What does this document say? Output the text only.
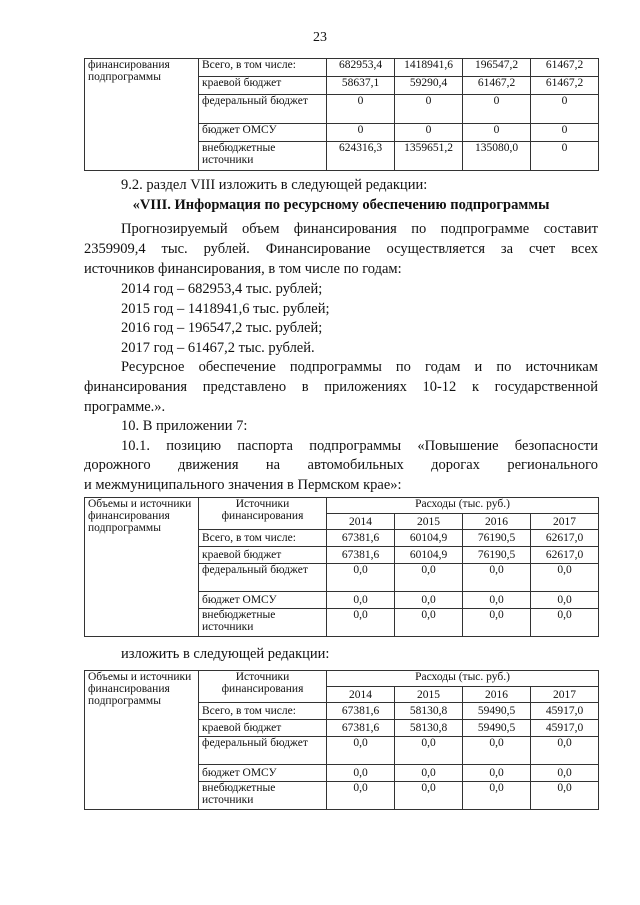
23
финансирования подпрограммы	Всего, в том числе:	682953,4	1418941,6	196547,2	61467,2
	краевой бюджет	58637,1	59290,4	61467,2	61467,2
	федеральный бюджет	0	0	0	0
	бюджет ОМСУ	0	0	0	0
	внебюджетные источники	624316,3	1359651,2	135080,0	0

9.2. раздел VIII изложить в следующей редакции:

«VIII. Информация по ресурсному обеспечению подпрограммы

Прогнозируемый объем финансирования по подпрограмме составит

2359909,4 тыс. рублей. Финансирование осуществляется за счет всех

источников финансирования, в том числе по годам:

2014 год – 682953,4 тыс. рублей;

2015 год – 1418941,6 тыс. рублей;

2016 год – 196547,2 тыс. рублей;

2017 год – 61467,2 тыс. рублей.

Ресурсное обеспечение подпрограммы по годам и по источникам

финансирования представлено в приложениях 10-12 к государственной

программе.».

10. В приложении 7:

10.1. позицию паспорта подпрограммы «Повышение безопасности

дорожного движения на автомобильных дорогах регионального

и межмуниципального значения в Пермском крае»:

Объемы и источники финансирования подпрограммы	Источники финансирования	Расходы (тыс. руб.)			
		2014	2015	2016	2017
	Всего, в том числе:	67381,6	60104,9	76190,5	62617,0
	краевой бюджет	67381,6	60104,9	76190,5	62617,0
	федеральный бюджет	0,0	0,0	0,0	0,0
	бюджет ОМСУ	0,0	0,0	0,0	0,0
	внебюджетные источники	0,0	0,0	0,0	0,0

изложить в следующей редакции:

Объемы и источники финансирования подпрограммы	Источники финансирования	Расходы (тыс. руб.)			
		2014	2015	2016	2017
	Всего, в том числе:	67381,6	58130,8	59490,5	45917,0
	краевой бюджет	67381,6	58130,8	59490,5	45917,0
	федеральный бюджет	0,0	0,0	0,0	0,0
	бюджет ОМСУ	0,0	0,0	0,0	0,0
	внебюджетные источники	0,0	0,0	0,0	0,0
